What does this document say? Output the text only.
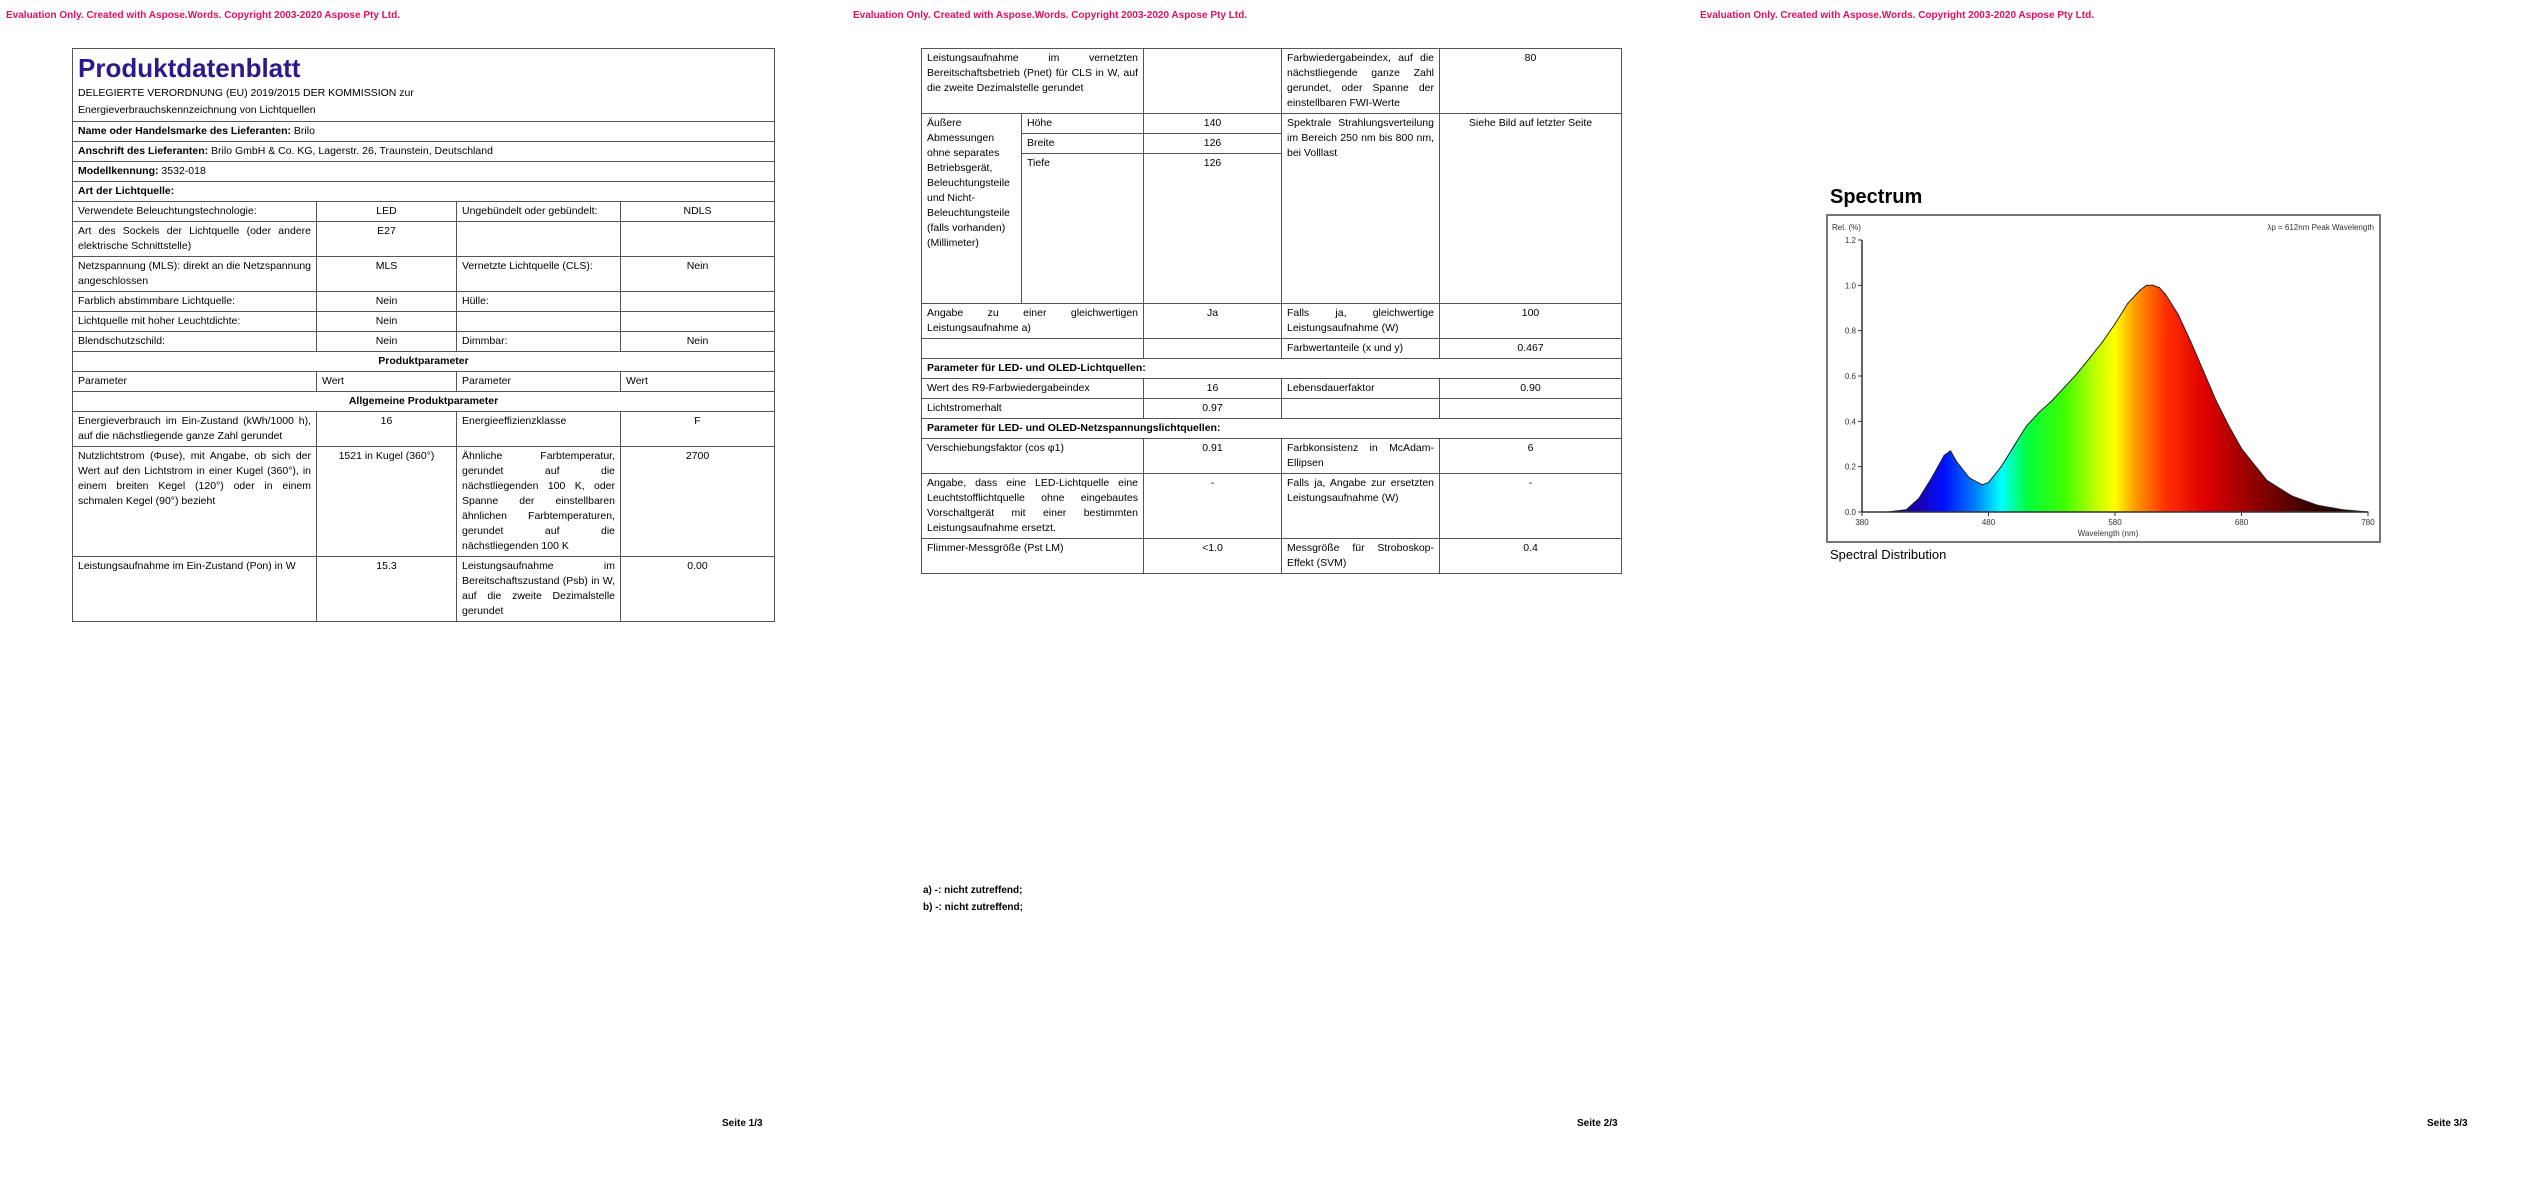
Evaluation Only. Created with Aspose.Words. Copyright 2003-2020 Aspose Pty Ltd.
Produktdatenblatt
DELEGIERTE VERORDNUNG (EU) 2019/2015 DER KOMMISSION zur
Energieverbrauchskennzeichnung von Lichtquellen			

Name oder Handelsmarke des Lieferanten: Brilo			
Anschrift des Lieferanten: Brilo GmbH & Co. KG, Lagerstr. 26, Traunstein, Deutschland			
Modellkennung: 3532-018			
Art der Lichtquelle:			
Verwendete Beleuchtungstechnologie:	LED	Ungebündelt oder gebündelt:	NDLS
Art des Sockels der Lichtquelle (oder andere elektrische Schnittstelle)	E27		
Netzspannung (MLS): direkt an die Netzspannung angeschlossen	MLS	Vernetzte Lichtquelle (CLS):	Nein
Farblich abstimmbare Lichtquelle:	Nein	Hülle:	
Lichtquelle mit hoher Leuchtdichte:	Nein		
Blendschutzschild:	Nein	Dimmbar:	Nein
Produktparameter			
Parameter	Wert	Parameter	Wert
Allgemeine Produktparameter			
Energieverbrauch im Ein-Zustand (kWh/1000 h), auf die nächstliegende ganze Zahl gerundet	16	Energieeffizienzklasse	F
Nutzlichtstrom (Φuse), mit Angabe, ob sich der Wert auf den Lichtstrom in einer Kugel (360°), in einem breiten Kegel (120°) oder in einem schmalen Kegel (90°) bezieht	1521 in Kugel (360°)	Ähnliche Farbtemperatur, gerundet auf die nächstliegenden 100 K, oder Spanne der einstellbaren ähnlichen Farbtemperaturen, gerundet auf die nächstliegenden 100 K	2700
Leistungsaufnahme im Ein-Zustand (Pon) in W	15.3	Leistungsaufnahme im Bereitschaftszustand (Psb) in W, auf die zweite Dezimalstelle gerundet	0.00
Seite 1/3
Evaluation Only. Created with Aspose.Words. Copyright 2003-2020 Aspose Pty Ltd.
Leistungsaufnahme im vernetzten Bereitschaftsbetrieb (Pnet) für CLS in W, auf die zweite Dezimalstelle gerundet			Farbwiedergabeindex, auf die nächstliegende ganze Zahl gerundet, oder Spanne der einstellbaren FWI-Werte	80
Äußere Abmessungen ohne separates Betriebsgerät, Beleuchtungsteile und Nicht-Beleuchtungsteile (falls vorhanden) (Millimeter)	Höhe	140	Spektrale Strahlungsverteilung im Bereich 250 nm bis 800 nm, bei Volllast	Siehe Bild auf letzter Seite
	Breite	126		
	Tiefe	126		
Angabe zu einer gleichwertigen Leistungsaufnahme a)		Ja	Falls ja, gleichwertige Leistungsaufnahme (W)	100
			Farbwertanteile (x und y)	0.467
Parameter für LED- und OLED-Lichtquellen:				
Wert des R9-Farbwiedergabeindex		16	Lebensdauerfaktor	0.90
Lichtstromerhalt		0.97		
Parameter für LED- und OLED-Netzspannungslichtquellen:				
Verschiebungsfaktor (cos φ1)		0.91	Farbkonsistenz in McAdam-Ellipsen	6
Angabe, dass eine LED-Lichtquelle eine Leuchtstofflichtquelle ohne eingebautes Vorschaltgerät mit einer bestimmten Leistungsaufnahme ersetzt.		-	Falls ja, Angabe zur ersetzten Leistungsaufnahme (W)	-
Flimmer-Messgröße (Pst LM)		<1.0	Messgröße für Stroboskop-Effekt (SVM)	0.4
a) -: nicht zutreffend;
b) -: nicht zutreffend;
Seite 2/3
Evaluation Only. Created with Aspose.Words. Copyright 2003-2020 Aspose Pty Ltd.
Seite 3/3
Spectrum
0.0
0.2
0.4
0.6
0.8
1.0
1.2
380	480	580	680	780
Rel. (%)	λp = 612nm Peak Wavelength
Wavelength (nm)
Spectral Distribution
